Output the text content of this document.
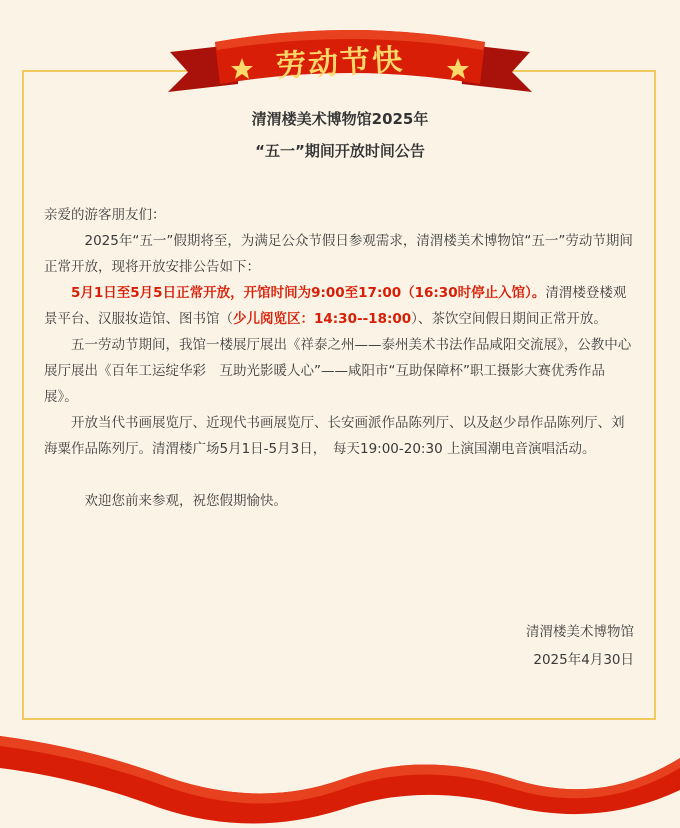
劳动节快
清渭楼美术博物馆2025年
“五一”期间开放时间公告

亲爱的游客朋友们：

2025年“五一”假期将至，为满足公众节假日参观需求，清渭楼美术博物馆“五一”劳动节期间正常开放，现将开放安排公告如下：

5月1日至5月5日正常开放，开馆时间为9:00至17:00（16:30时停止入馆）。清渭楼登楼观景平台、汉服妆造馆、图书馆（少儿阅览区：14:30--18:00）、茶饮空间假日期间正常开放。

五一劳动节期间，我馆一楼展厅展出《祥泰之州——泰州美术书法作品咸阳交流展》，公教中心展厅展出《百年工运绽华彩　互助光影暖人心”——咸阳市“互助保障杯”职工摄影大赛优秀作品展》。

开放当代书画展览厅、近现代书画展览厅、长安画派作品陈列厅、以及赵少昂作品陈列厅、刘海粟作品陈列厅。清渭楼广场5月1日-5月3日，　每天19:00-20:30 上演国潮电音演唱活动。

欢迎您前来参观，祝您假期愉快。

清渭楼美术博物馆
2025年4月30日
